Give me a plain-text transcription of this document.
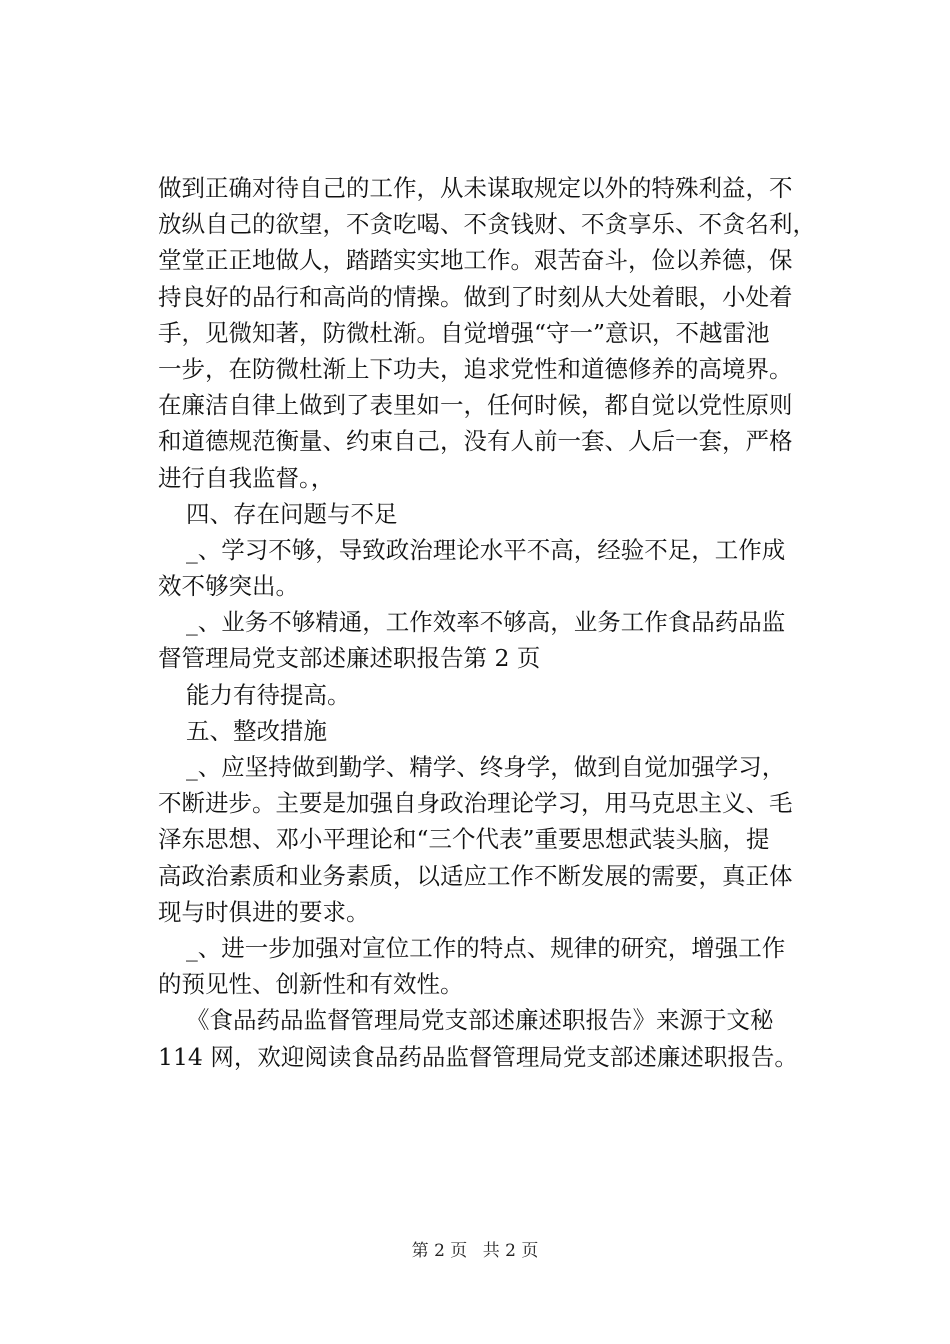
做到正确对待自己的工作，从未谋取规定以外的特殊利益，不
放纵自己的欲望，不贪吃喝、不贪钱财、不贪享乐、不贪名利，
堂堂正正地做人，踏踏实实地工作。艰苦奋斗，俭以养德，保
持良好的品行和高尚的情操。做到了时刻从大处着眼，小处着
手，见微知著，防微杜渐。自觉增强“守一”意识，不越雷池
一步，在防微杜渐上下功夫，追求党性和道德修养的高境界。
在廉洁自律上做到了表里如一，任何时候，都自觉以党性原则
和道德规范衡量、约束自己，没有人前一套、人后一套，严格
进行自我监督。，
四、存在问题与不足
_、学习不够，导致政治理论水平不高，经验不足，工作成
效不够突出。
_、业务不够精通，工作效率不够高，业务工作食品药品监
督管理局党支部述廉述职报告第 2 页
能力有待提高。
五、整改措施
_、应坚持做到勤学、精学、终身学，做到自觉加强学习，
不断进步。主要是加强自身政治理论学习，用马克思主义、毛
泽东思想、邓小平理论和“三个代表”重要思想武装头脑，提
高政治素质和业务素质，以适应工作不断发展的需要，真正体
现与时俱进的要求。
_、进一步加强对宣位工作的特点、规律的研究，增强工作
的预见性、创新性和有效性。
《食品药品监督管理局党支部述廉述职报告》来源于文秘
114 网，欢迎阅读食品药品监督管理局党支部述廉述职报告。
第 2 页 共 2 页
